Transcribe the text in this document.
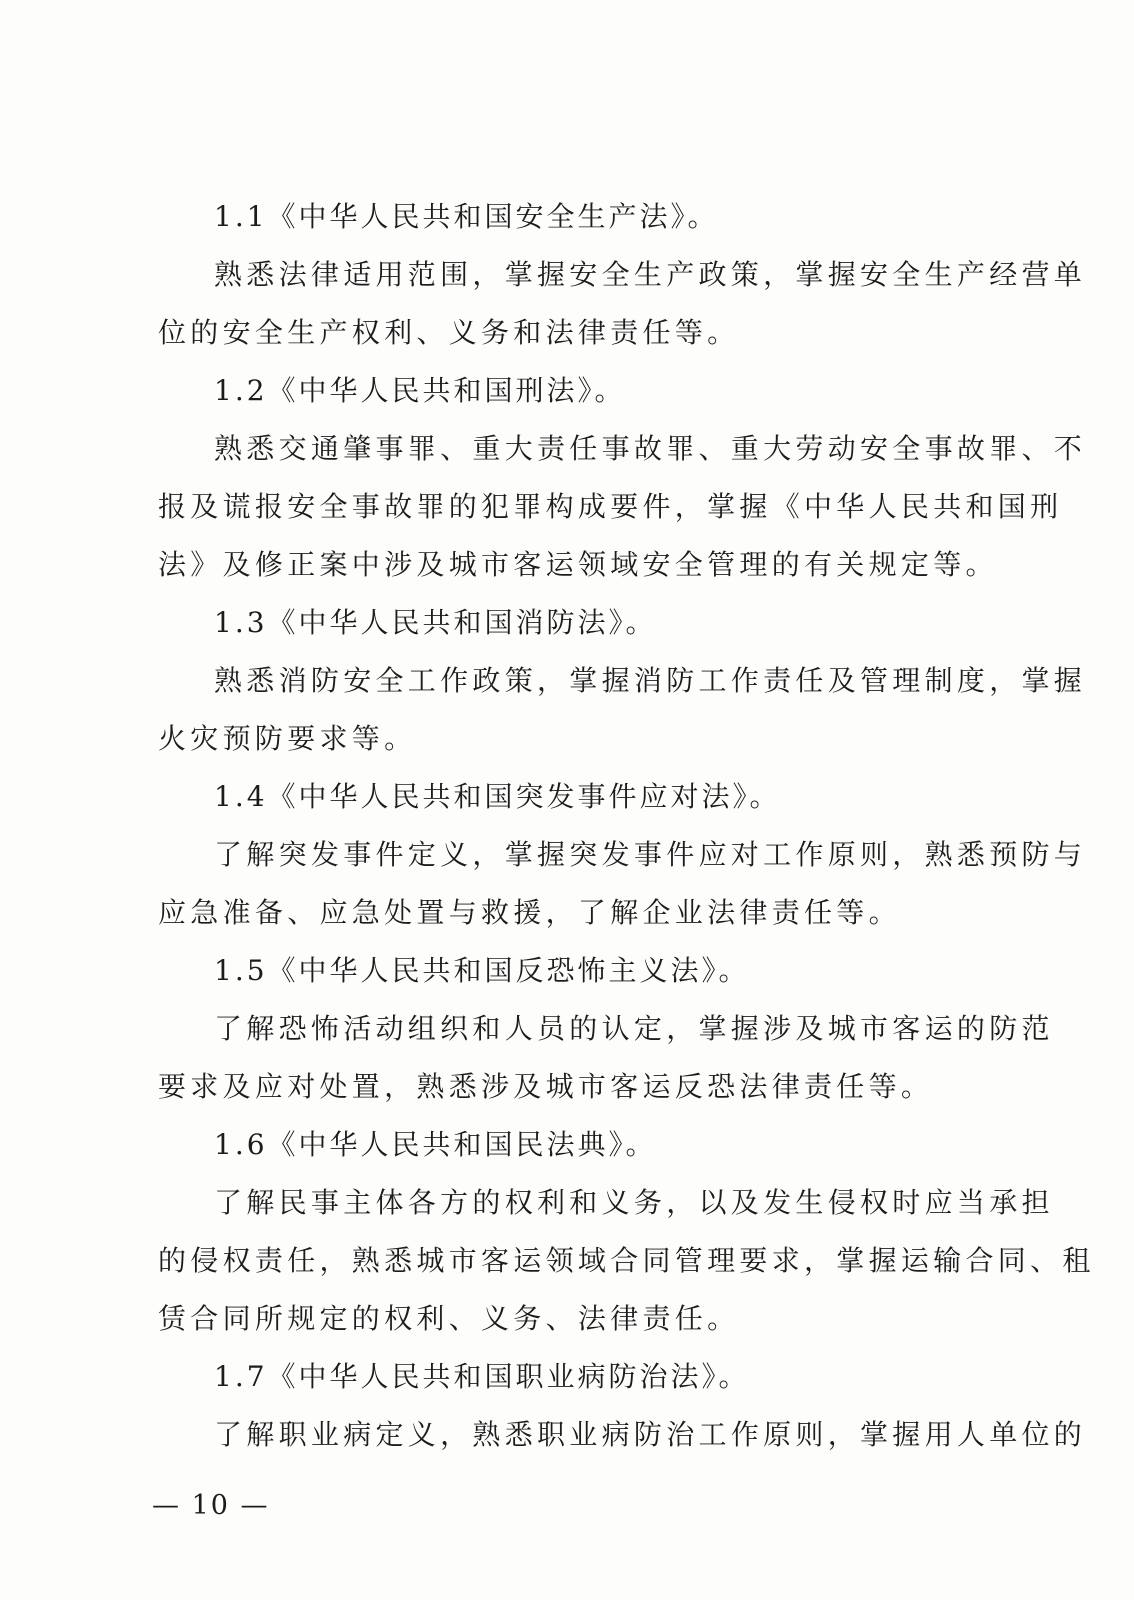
1.1《中华人民共和国安全生产法》。
熟悉法律适用范围，掌握安全生产政策，掌握安全生产经营单
位的安全生产权利、义务和法律责任等。
1.2《中华人民共和国刑法》。
熟悉交通肇事罪、重大责任事故罪、重大劳动安全事故罪、不
报及谎报安全事故罪的犯罪构成要件，掌握《中华人民共和国刑
法》及修正案中涉及城市客运领域安全管理的有关规定等。
1.3《中华人民共和国消防法》。
熟悉消防安全工作政策，掌握消防工作责任及管理制度，掌握
火灾预防要求等。
1.4《中华人民共和国突发事件应对法》。
了解突发事件定义，掌握突发事件应对工作原则，熟悉预防与
应急准备、应急处置与救援，了解企业法律责任等。
1.5《中华人民共和国反恐怖主义法》。
了解恐怖活动组织和人员的认定，掌握涉及城市客运的防范
要求及应对处置，熟悉涉及城市客运反恐法律责任等。
1.6《中华人民共和国民法典》。
了解民事主体各方的权利和义务，以及发生侵权时应当承担
的侵权责任，熟悉城市客运领域合同管理要求，掌握运输合同、租
赁合同所规定的权利、义务、法律责任。
1.7《中华人民共和国职业病防治法》。
了解职业病定义，熟悉职业病防治工作原则，掌握用人单位的
— 10 —
